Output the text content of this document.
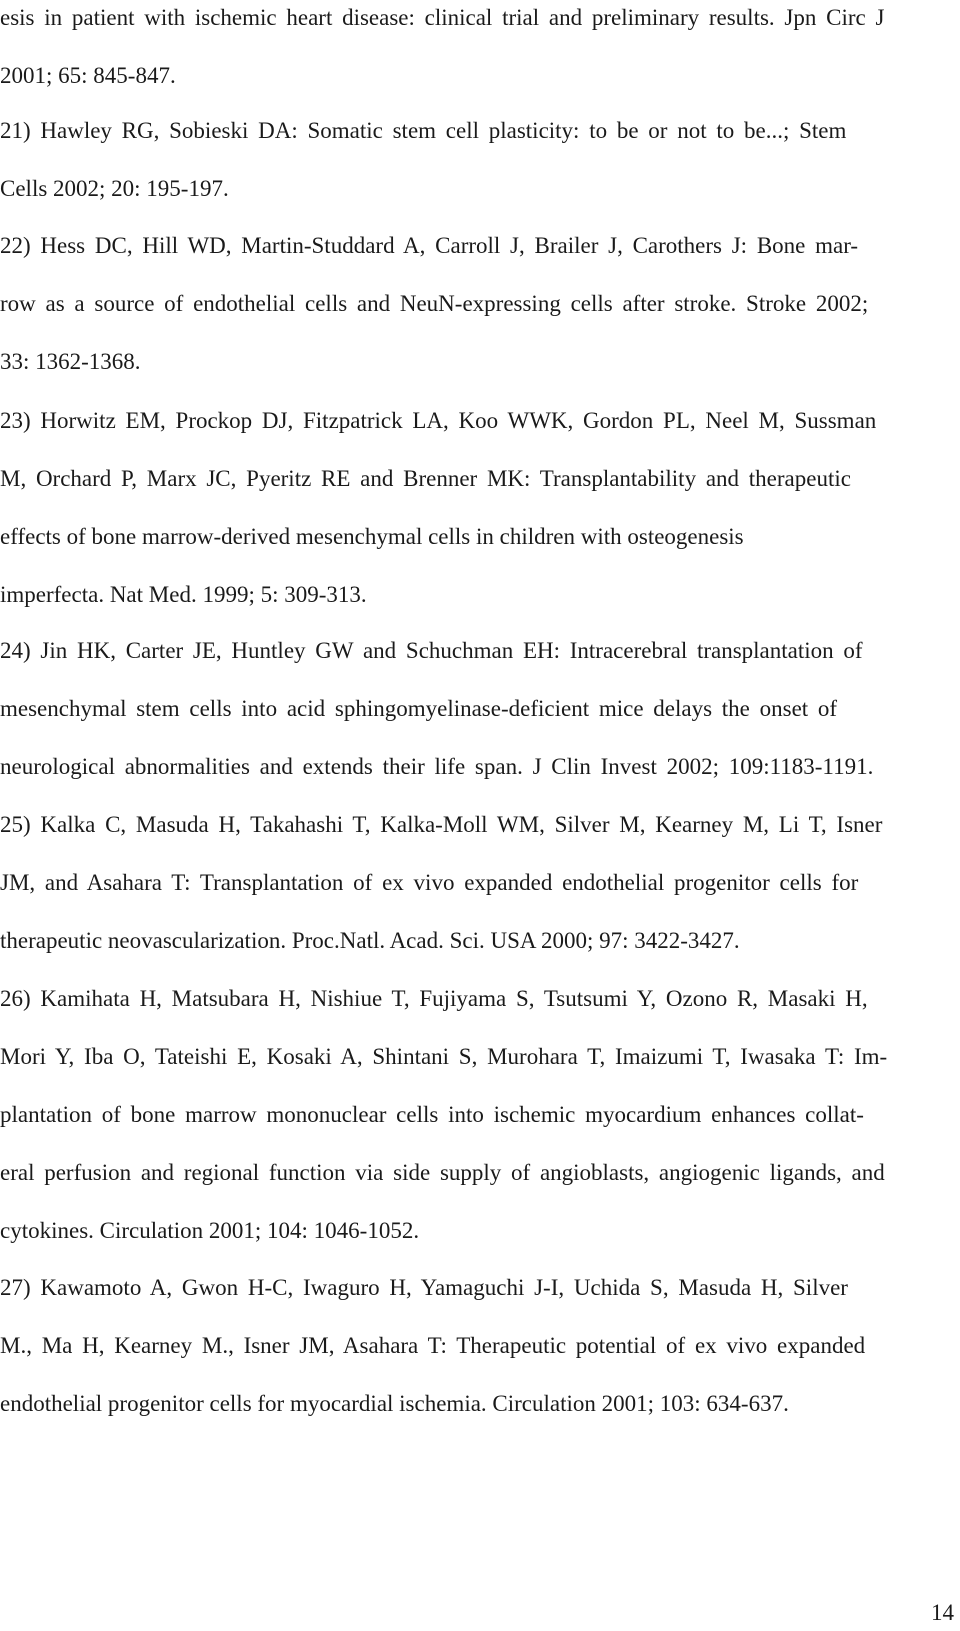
esis in patient with ischemic heart disease: clinical trial and preliminary results. Jpn Circ J
2001; 65: 845-847.
21) Hawley RG, Sobieski DA: Somatic stem cell plasticity: to be or not to be...; Stem
Cells 2002; 20: 195-197.
22) Hess DC, Hill WD, Martin-Studdard A, Carroll J, Brailer J, Carothers J: Bone mar-
row as a source of endothelial cells and NeuN-expressing cells after stroke. Stroke 2002;
33: 1362-1368.
23) Horwitz EM, Prockop DJ, Fitzpatrick LA, Koo WWK, Gordon PL, Neel M, Sussman
M, Orchard P, Marx JC, Pyeritz RE and Brenner MK: Transplantability and therapeutic
effects of bone marrow-derived mesenchymal cells in children with osteogenesis
imperfecta. Nat Med. 1999; 5: 309-313.
24) Jin HK, Carter JE, Huntley GW and Schuchman EH: Intracerebral transplantation of
mesenchymal stem cells into acid sphingomyelinase-deficient mice delays the onset of
neurological abnormalities and extends their life span. J Clin Invest 2002; 109:1183-1191.
25) Kalka C, Masuda H, Takahashi T, Kalka-Moll WM, Silver M, Kearney M, Li T, Isner
JM, and Asahara T: Transplantation of ex vivo expanded endothelial progenitor cells for
therapeutic neovascularization. Proc.Natl. Acad. Sci. USA 2000; 97: 3422-3427.
26) Kamihata H, Matsubara H, Nishiue T, Fujiyama S, Tsutsumi Y, Ozono R, Masaki H,
Mori Y, Iba O, Tateishi E, Kosaki A, Shintani S, Murohara T, Imaizumi T, Iwasaka T: Im-
plantation of bone marrow mononuclear cells into ischemic myocardium enhances collat-
eral perfusion and regional function via side supply of angioblasts, angiogenic ligands, and
cytokines. Circulation 2001; 104: 1046-1052.
27) Kawamoto A, Gwon H-C, Iwaguro H, Yamaguchi J-I, Uchida S, Masuda H, Silver
M., Ma H, Kearney M., Isner JM, Asahara T: Therapeutic potential of ex vivo expanded
endothelial progenitor cells for myocardial ischemia. Circulation 2001; 103: 634-637.
14
